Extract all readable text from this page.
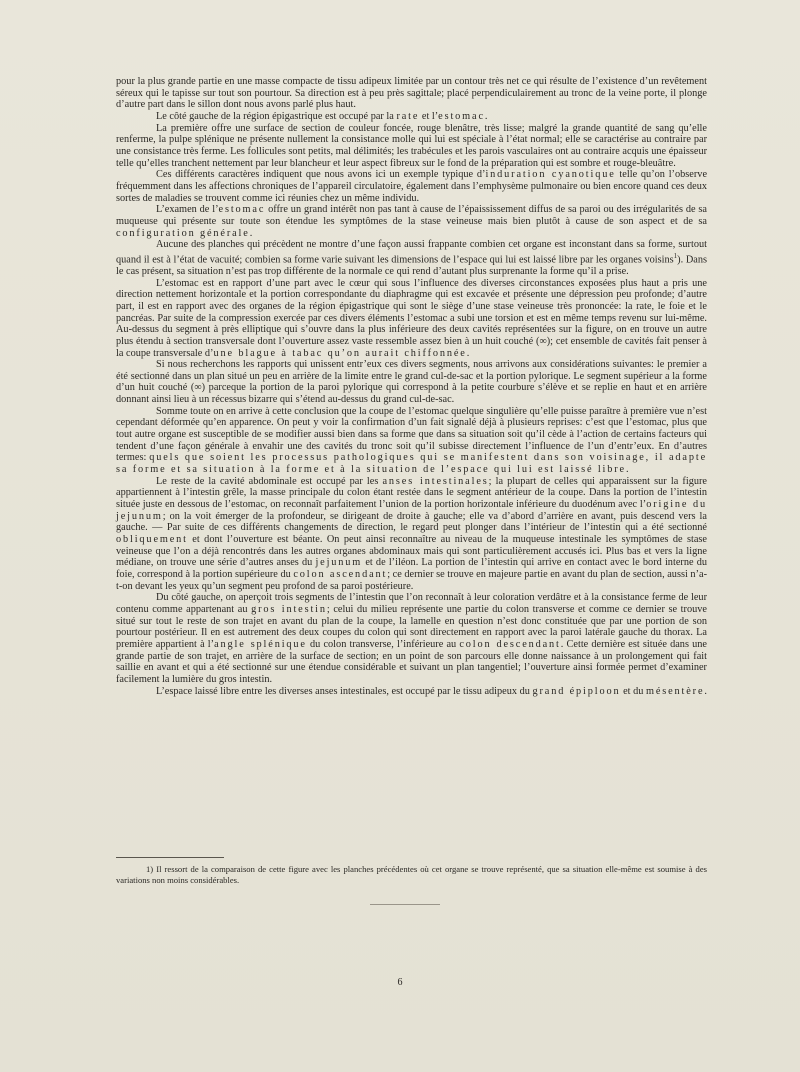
pour la plus grande partie en une masse compacte de tissu adipeux limitée par un contour très net ce qui résulte de l’existence d’un revêtement séreux qui le tapisse sur tout son pourtour. Sa direction est à peu près sagittale; placé perpendiculairement au tronc de la veine porte, il plonge d’autre part dans le sillon dont nous avons parlé plus haut.

Le côté gauche de la région épigastrique est occupé par la rate et l’estomac.

La première offre une surface de section de couleur foncée, rouge blenâtre, très lisse; malgré la grande quantité de sang qu’elle renferme, la pulpe splénique ne présente nullement la consistance molle qui lui est spéciale à l’état normal; elle se caractérise au contraire par une consistance très ferme. Les follicules sont petits, mal délimités; les trabécules et les parois vasculaires ont au contraire acquis une épaisseur telle qu’elles tranchent nettement par leur blancheur et leur aspect fibreux sur le fond de la préparation qui est sombre et rouge-bleuâtre.

Ces différents caractères indiquent que nous avons ici un exemple typique d’induration cyanotique telle qu’on l’observe fréquemment dans les affections chroniques de l’appareil circulatoire, également dans l’emphysème pulmonaire ou bien encore quand ces deux sortes de maladies se trouvent comme ici réunies chez un même individu.

L’examen de l’estomac offre un grand intérêt non pas tant à cause de l’épaississement diffus de sa paroi ou des irrégularités de sa muqueuse qui présente sur toute son étendue les symptômes de la stase veineuse mais bien plutôt à cause de son aspect et de sa configuration générale.

Aucune des planches qui précèdent ne montre d’une façon aussi frappante combien cet organe est inconstant dans sa forme, surtout quand il est à l’état de vacuité; combien sa forme varie suivant les dimensions de l’espace qui lui est laissé libre par les organes voisins$^1$). Dans le cas présent, sa situation n’est pas trop différente de la normale ce qui rend d’autant plus surprenante la forme qu’il a prise.

L’estomac est en rapport d’une part avec le cœur qui sous l’influence des diverses circonstances exposées plus haut a pris une direction nettement horizontale et la portion correspondante du diaphragme qui est excavée et présente une dépression peu profonde; d’autre part, il est en rapport avec des organes de la région épigastrique qui sont le siège d’une stase veineuse très prononcée: la rate, le foie et le pancréas. Par suite de la compression exercée par ces divers éléments l’estomac a subi une torsion et est en même temps revenu sur lui-même. Au-dessus du segment à près elliptique qui s’ouvre dans la plus inférieure des deux cavités représentées sur la figure, on en trouve un autre plus étendu à section transversale dont l’ouverture assez vaste ressemble assez bien à un huit couché (∞); cet ensemble de cavités fait penser à la coupe transversale d’une blague à tabac qu’on aurait chiffonnée.

Si nous recherchons les rapports qui unissent entr’eux ces divers segments, nous arrivons aux considérations suivantes: le premier a été sectionné dans un plan situé un peu en arrière de la limite entre le grand cul-de-sac et la portion pylorique. Le segment supérieur a la forme d’un huit couché (∞) parceque la portion de la paroi pylorique qui correspond à la petite courbure s’élève et se replie en haut et en arrière donnant ainsi lieu à un récessus bizarre qui s’étend au-dessus du grand cul-de-sac.

Somme toute on en arrive à cette conclusion que la coupe de l’estomac quelque singulière qu’elle puisse paraître à première vue n’est cependant déformée qu’en apparence. On peut y voir la confirmation d’un fait signalé déjà à plusieurs reprises: c’est que l’estomac, plus que tout autre organe est susceptible de se modifier aussi bien dans sa forme que dans sa situation soit qu’il cède à l’action de certains facteurs qui tendent d’une façon générale à envahir une des cavités du tronc soit qu’il subisse directement l’influence de l’un d’entr’eux. En d’autres termes: quels que soient les processus pathologiques qui se manifestent dans son voisinage, il adapte sa forme et sa situation à la forme et à la situation de l’espace qui lui est laissé libre.

Le reste de la cavité abdominale est occupé par les anses intestinales; la plupart de celles qui apparaissent sur la figure appartiennent à l’intestin grêle, la masse principale du colon étant restée dans le segment antérieur de la coupe. Dans la portion de l’intestin située juste en dessous de l’estomac, on reconnaît parfaitement l’union de la portion horizontale inférieure du duodénum avec l’origine du jejunum; on la voit émerger de la profondeur, se dirigeant de droite à gauche; elle va d’abord d’arrière en avant, puis descend vers la gauche. — Par suite de ces différents changements de direction, le regard peut plonger dans l’intérieur de l’intestin qui a été sectionné obliquement et dont l’ouverture est béante. On peut ainsi reconnaître au niveau de la muqueuse intestinale les symptômes de stase veineuse que l’on a déjà rencontrés dans les autres organes abdominaux mais qui sont particulièrement accusés ici. Plus bas et vers la ligne médiane, on trouve une série d’autres anses du jejunum et de l’iléon. La portion de l’intestin qui arrive en contact avec le bord interne du foie, correspond à la portion supérieure du colon ascendant; ce dernier se trouve en majeure partie en avant du plan de section, aussi n’a-t-on devant les yeux qu’un segment peu profond de sa paroi postérieure.

Du côté gauche, on aperçoit trois segments de l’intestin que l’on reconnaît à leur coloration verdâtre et à la consistance ferme de leur contenu comme appartenant au gros intestin; celui du milieu représente une partie du colon transverse et comme ce dernier se trouve situé sur tout le reste de son trajet en avant du plan de la coupe, la lamelle en question n’est donc constituée que par une portion de son pourtour postérieur. Il en est autrement des deux coupes du colon qui sont directement en rapport avec la paroi latérale gauche du thorax. La première appartient à l’angle splénique du colon transverse, l’inférieure au colon descendant. Cette dernière est située dans une grande partie de son trajet, en arrière de la surface de section; en un point de son parcours elle donne naissance à un prolongement qui fait saillie en avant et qui a été sectionné sur une étendue considérable et suivant un plan tangentiel; l’ouverture ainsi formée permet d’examiner facilement la lumière du gros intestin.

L’espace laissé libre entre les diverses anses intestinales, est occupé par le tissu adipeux du grand épiploon et du mésentère.

1) Il ressort de la comparaison de cette figure avec les planches précédentes où cet organe se trouve représenté, que sa situation elle-même est soumise à des variations non moins considérables.
6
